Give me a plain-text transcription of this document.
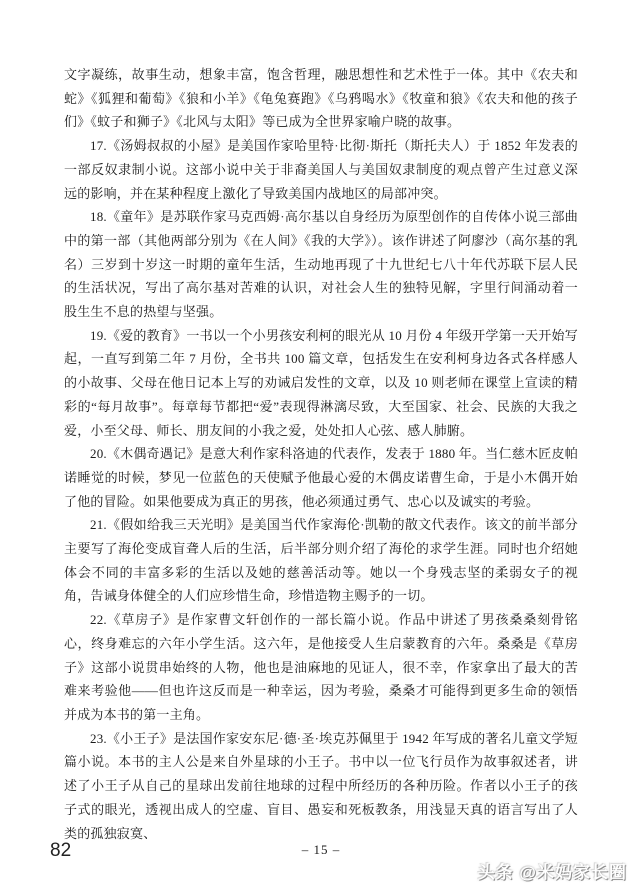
文字凝练，故事生动，想象丰富，饱含哲理，融思想性和艺术性于一体。其中《农夫和蛇》《狐狸和葡萄》《狼和小羊》《龟兔赛跑》《乌鸦喝水》《牧童和狼》《农夫和他的孩子们》《蚊子和狮子》《北风与太阳》等已成为全世界家喻户晓的故事。

17.《汤姆叔叔的小屋》是美国作家哈里特·比彻·斯托（斯托夫人）于 1852 年发表的一部反奴隶制小说。这部小说中关于非裔美国人与美国奴隶制度的观点曾产生过意义深远的影响，并在某种程度上激化了导致美国内战地区的局部冲突。

18.《童年》是苏联作家马克西姆·高尔基以自身经历为原型创作的自传体小说三部曲中的第一部（其他两部分别为《在人间》《我的大学》）。该作讲述了阿廖沙（高尔基的乳名）三岁到十岁这一时期的童年生活，生动地再现了十九世纪七八十年代苏联下层人民的生活状况，写出了高尔基对苦难的认识，对社会人生的独特见解，字里行间涌动着一股生生不息的热望与坚强。

19.《爱的教育》一书以一个小男孩安利柯的眼光从 10 月份 4 年级开学第一天开始写起，一直写到第二年 7 月份，全书共 100 篇文章，包括发生在安利柯身边各式各样感人的小故事、父母在他日记本上写的劝诫启发性的文章，以及 10 则老师在课堂上宣读的精彩的“每月故事”。每章每节都把“爱”表现得淋漓尽致，大至国家、社会、民族的大我之爱，小至父母、师长、朋友间的小我之爱，处处扣人心弦、感人肺腑。

20.《木偶奇遇记》是意大利作家科洛迪的代表作，发表于 1880 年。当仁慈木匠皮帕诺睡觉的时候，梦见一位蓝色的天使赋予他最心爱的木偶皮诺曹生命，于是小木偶开始了他的冒险。如果他要成为真正的男孩，他必须通过勇气、忠心以及诚实的考验。

21.《假如给我三天光明》是美国当代作家海伦·凯勒的散文代表作。该文的前半部分主要写了海伦变成盲聋人后的生活，后半部分则介绍了海伦的求学生涯。同时也介绍她体会不同的丰富多彩的生活以及她的慈善活动等。她以一个身残志坚的柔弱女子的视角，告诫身体健全的人们应珍惜生命，珍惜造物主赐予的一切。

22.《草房子》是作家曹文轩创作的一部长篇小说。作品中讲述了男孩桑桑刻骨铭心，终身难忘的六年小学生活。这六年，是他接受人生启蒙教育的六年。桑桑是《草房子》这部小说贯串始终的人物，他也是油麻地的见证人，很不幸，作家拿出了最大的苦难来考验他——但也许这反而是一种幸运，因为考验，桑桑才可能得到更多生命的领悟并成为本书的第一主角。

23.《小王子》是法国作家安东尼·德·圣·埃克苏佩里于 1942 年写成的著名儿童文学短篇小说。本书的主人公是来自外星球的小王子。书中以一位飞行员作为故事叙述者，讲述了小王子从自己的星球出发前往地球的过程中所经历的各种历险。作者以小王子的孩子式的眼光，透视出成人的空虚、盲目、愚妄和死板教条，用浅显天真的语言写出了人类的孤独寂寞、

82	– 15 –
头条 @米妈家长圈
